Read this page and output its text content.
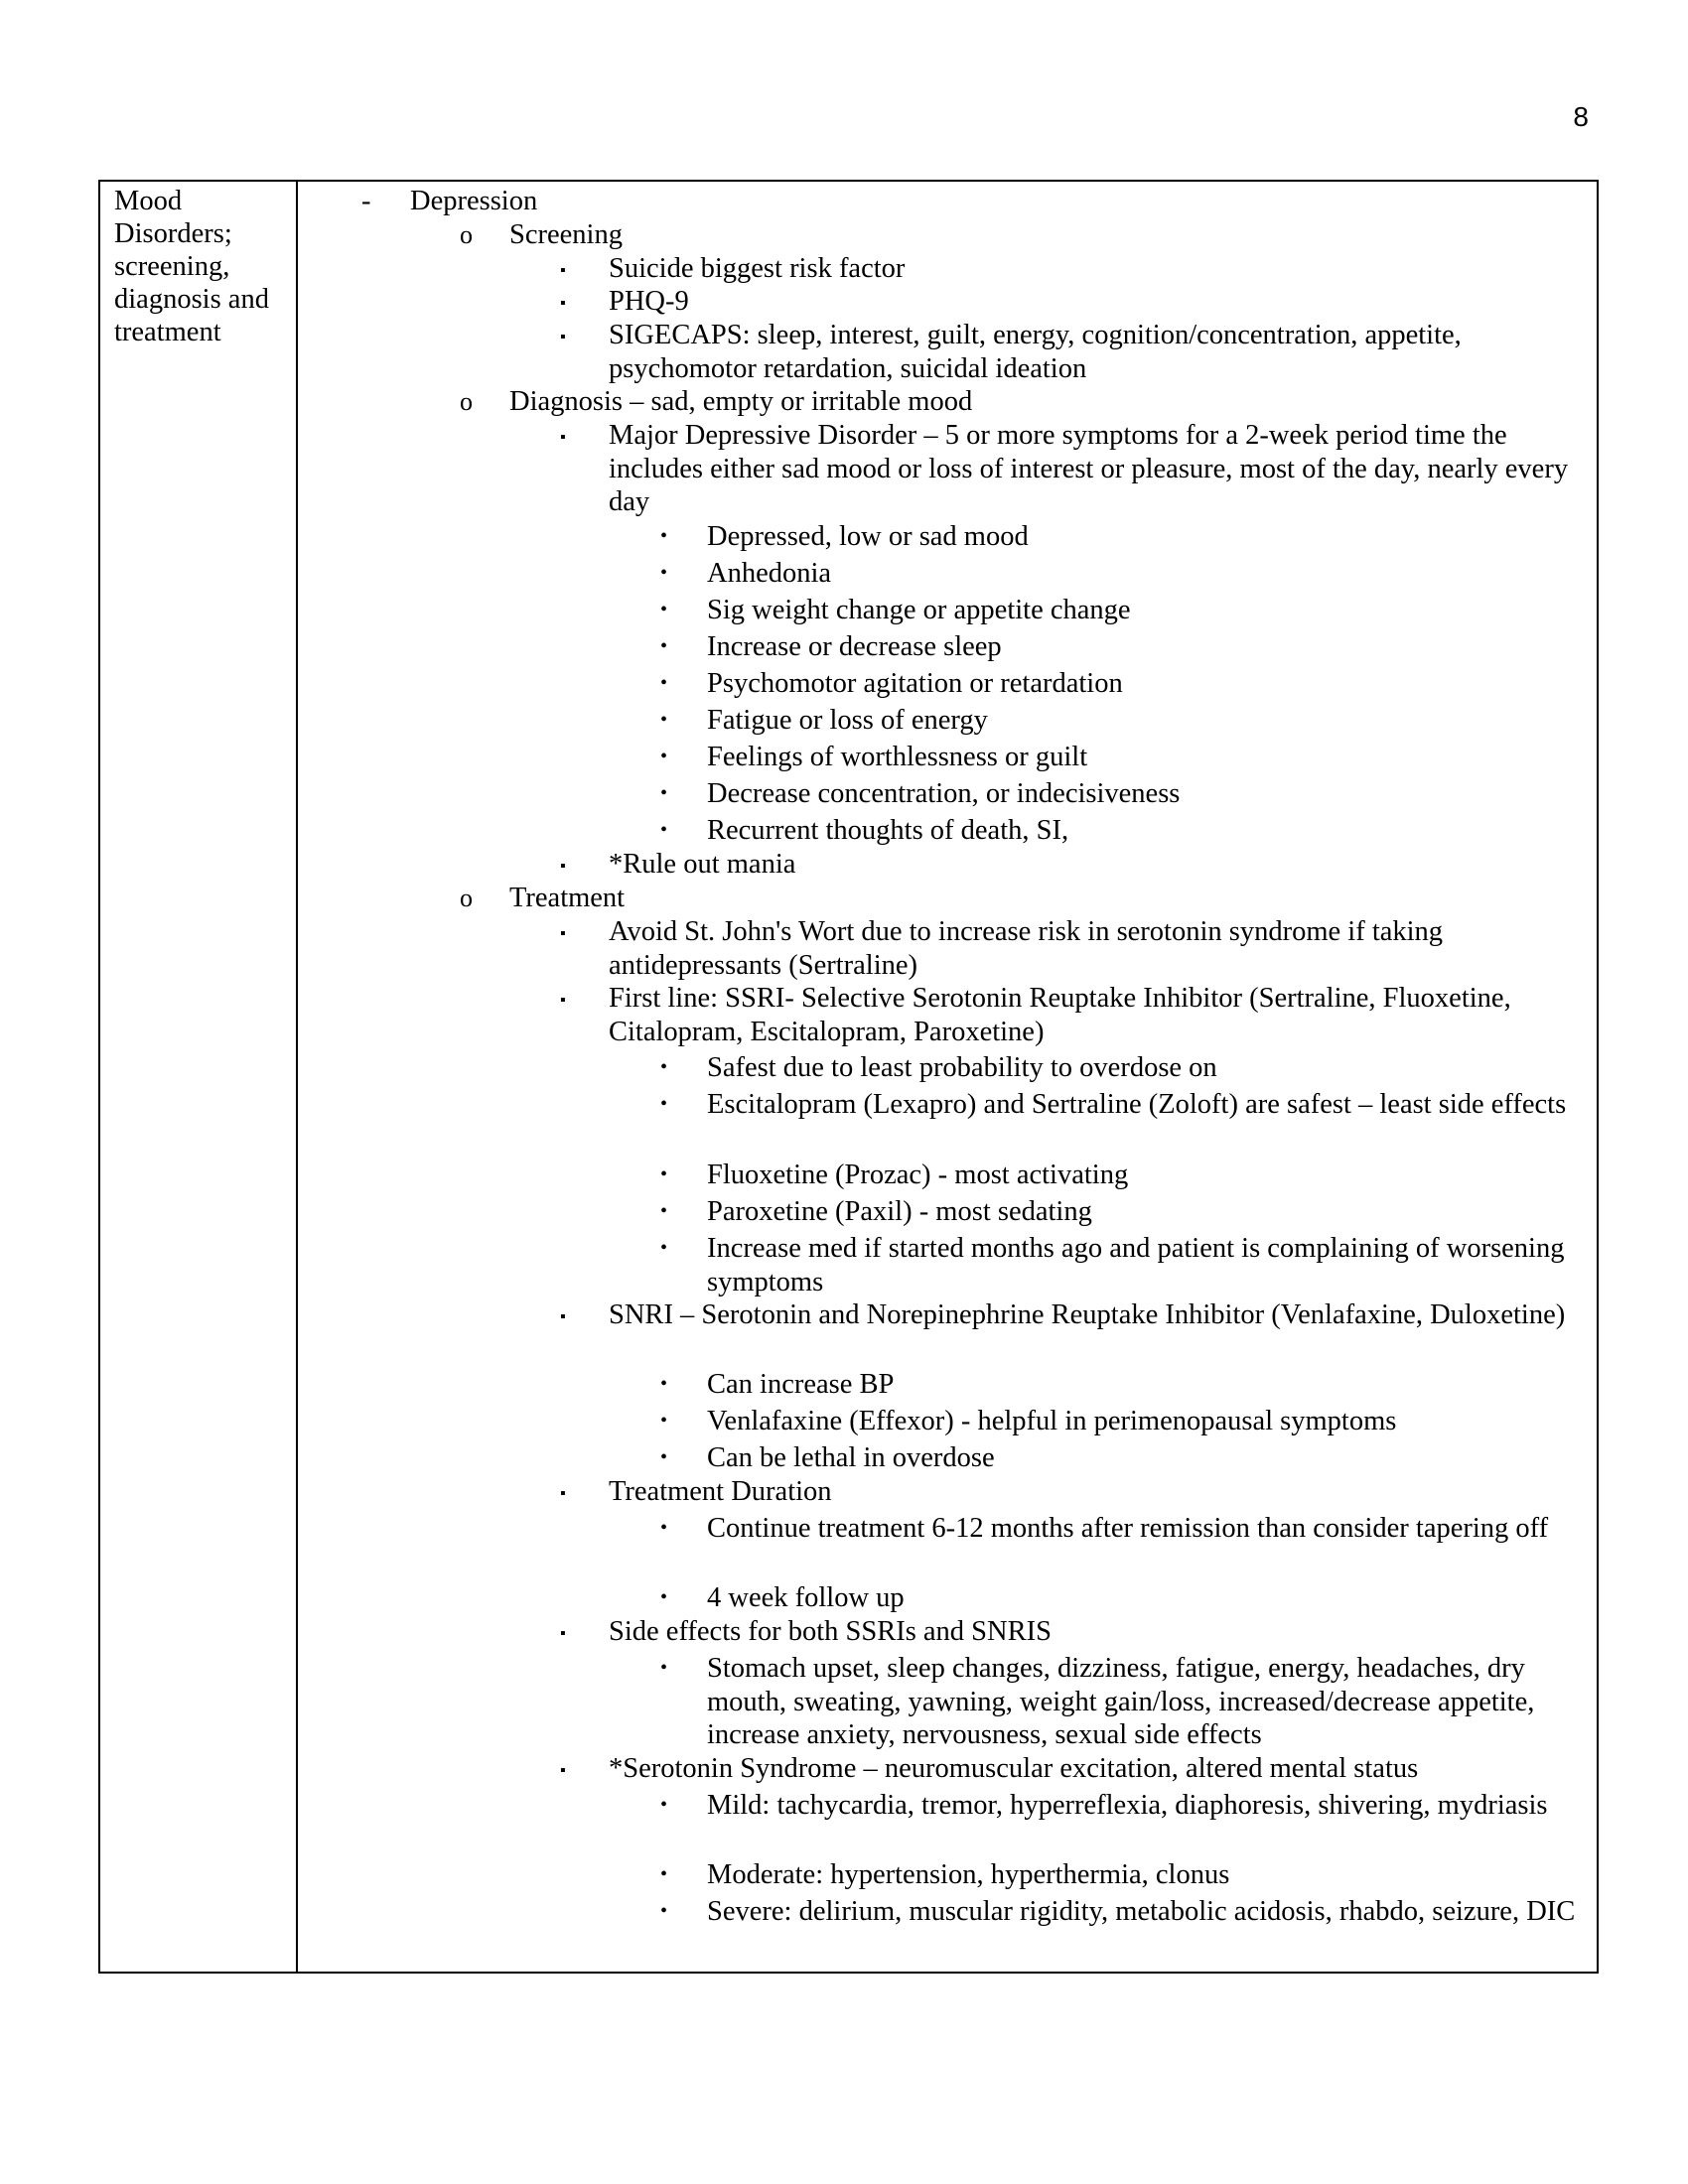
8
Mood Disorders; screening, diagnosis and treatment
- Depression
o Screening
▪ Suicide biggest risk factor
▪ PHQ-9
▪ SIGECAPS: sleep, interest, guilt, energy, cognition/concentration, appetite, psychomotor retardation, suicidal ideation
o Diagnosis – sad, empty or irritable mood
▪ Major Depressive Disorder – 5 or more symptoms for a 2-week period time the includes either sad mood or loss of interest or pleasure, most of the day, nearly every day
• Depressed, low or sad mood
• Anhedonia
• Sig weight change or appetite change
• Increase or decrease sleep
• Psychomotor agitation or retardation
• Fatigue or loss of energy
• Feelings of worthlessness or guilt
• Decrease concentration, or indecisiveness
• Recurrent thoughts of death, SI,
▪ *Rule out mania
o Treatment
▪ Avoid St. John's Wort due to increase risk in serotonin syndrome if taking antidepressants (Sertraline)
▪ First line: SSRI- Selective Serotonin Reuptake Inhibitor (Sertraline, Fluoxetine, Citalopram, Escitalopram, Paroxetine)
• Safest due to least probability to overdose on
• Escitalopram (Lexapro) and Sertraline (Zoloft) are safest – least side effects
• Fluoxetine (Prozac) - most activating
• Paroxetine (Paxil) - most sedating
• Increase med if started months ago and patient is complaining of worsening symptoms
▪ SNRI – Serotonin and Norepinephrine Reuptake Inhibitor (Venlafaxine, Duloxetine)
• Can increase BP
• Venlafaxine (Effexor) - helpful in perimenopausal symptoms
• Can be lethal in overdose
▪ Treatment Duration
• Continue treatment 6-12 months after remission than consider tapering off
• 4 week follow up
▪ Side effects for both SSRIs and SNRIS
• Stomach upset, sleep changes, dizziness, fatigue, energy, headaches, dry mouth, sweating, yawning, weight gain/loss, increased/decrease appetite, increase anxiety, nervousness, sexual side effects
▪ *Serotonin Syndrome – neuromuscular excitation, altered mental status
• Mild: tachycardia, tremor, hyperreflexia, diaphoresis, shivering, mydriasis
• Moderate: hypertension, hyperthermia, clonus
• Severe: delirium, muscular rigidity, metabolic acidosis, rhabdo, seizure, DIC
